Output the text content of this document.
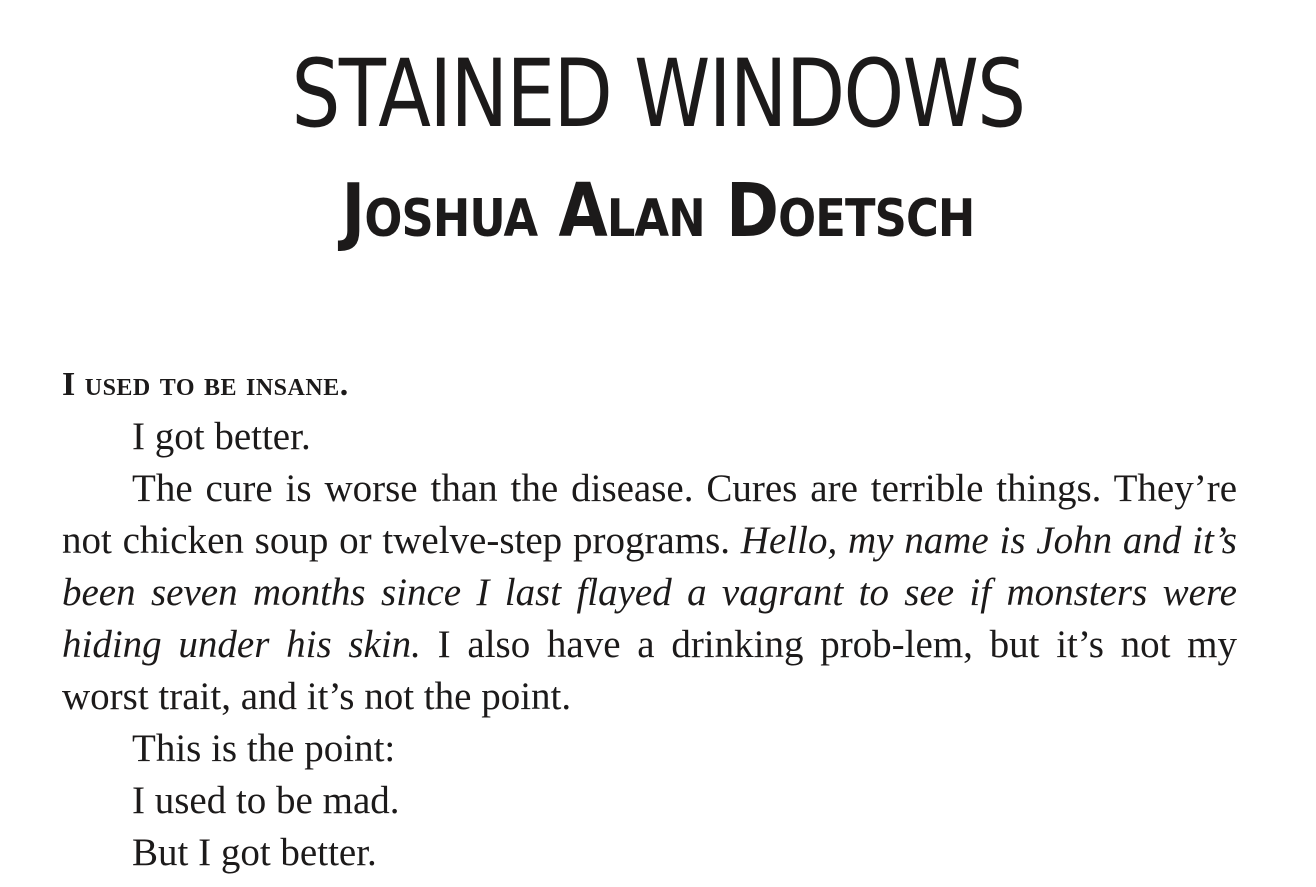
STAINED WINDOWS
Joshua Alan Doetsch

I used to be insane.

I got better.

The cure is worse than the disease. Cures are terrible things. They’re not chicken soup or twelve-step programs. Hello, my name is John and it’s been seven months since I last flayed a vagrant to see if monsters were hiding under his skin. I also have a drinking prob-lem, but it’s not my worst trait, and it’s not the point.

This is the point:

I used to be mad.

But I got better.
